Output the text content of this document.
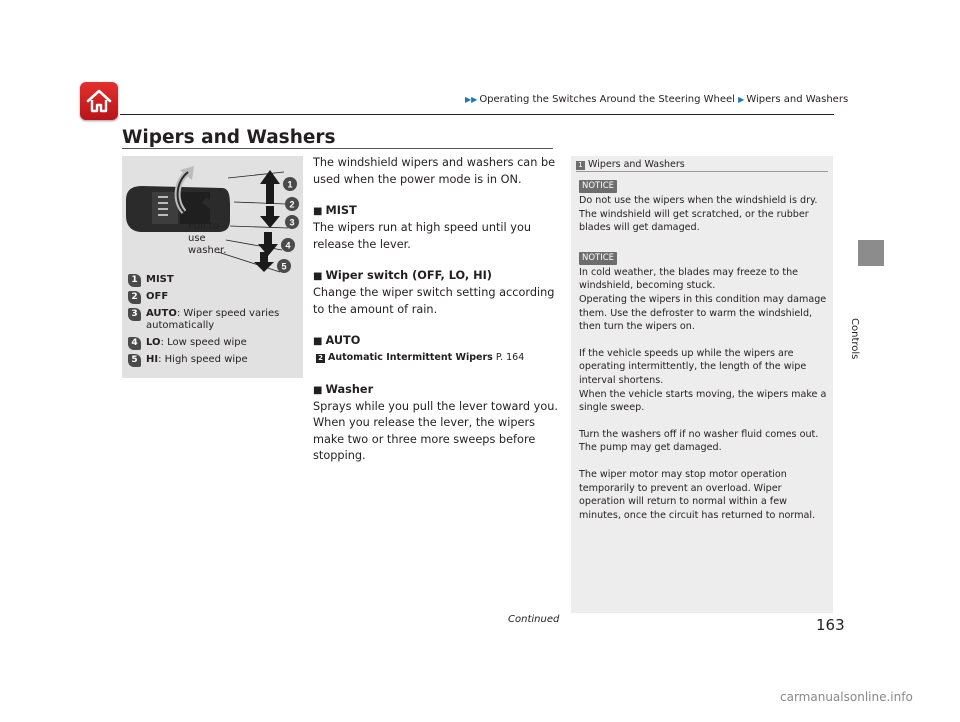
▶▶ Operating the Switches Around the Steering Wheel ▶ Wipers and Washers
Controls
Wipers and Washers
1
2
3
4
5
Pull to use washer.
1 MIST
2 OFF
3 AUTO: Wiper speed varies automatically
4 LO: Low speed wipe
5 HI: High speed wipe

The windshield wipers and washers can be used when the power mode is in ON.

■ MIST

The wipers run at high speed until you release the lever.

■ Wiper switch (OFF, LO, HI)

Change the wiper switch setting according to the amount of rain.

■ AUTO
2 Automatic Intermittent Wipers P. 164
■ Washer

Sprays while you pull the lever toward you. When you release the lever, the wipers make two or three more sweeps before stopping.

1 Wipers and Washers
NOTICE

Do not use the wipers when the windshield is dry. The windshield will get scratched, or the rubber blades will get damaged.

NOTICE

In cold weather, the blades may freeze to the windshield, becoming stuck.

Operating the wipers in this condition may damage them. Use the defroster to warm the windshield, then turn the wipers on.

If the vehicle speeds up while the wipers are operating intermittently, the length of the wipe interval shortens.

When the vehicle starts moving, the wipers make a single sweep.

Turn the washers off if no washer fluid comes out. The pump may get damaged.

The wiper motor may stop motor operation temporarily to prevent an overload. Wiper operation will return to normal within a few minutes, once the circuit has returned to normal.

Continued	163
carmanualsonline.info
